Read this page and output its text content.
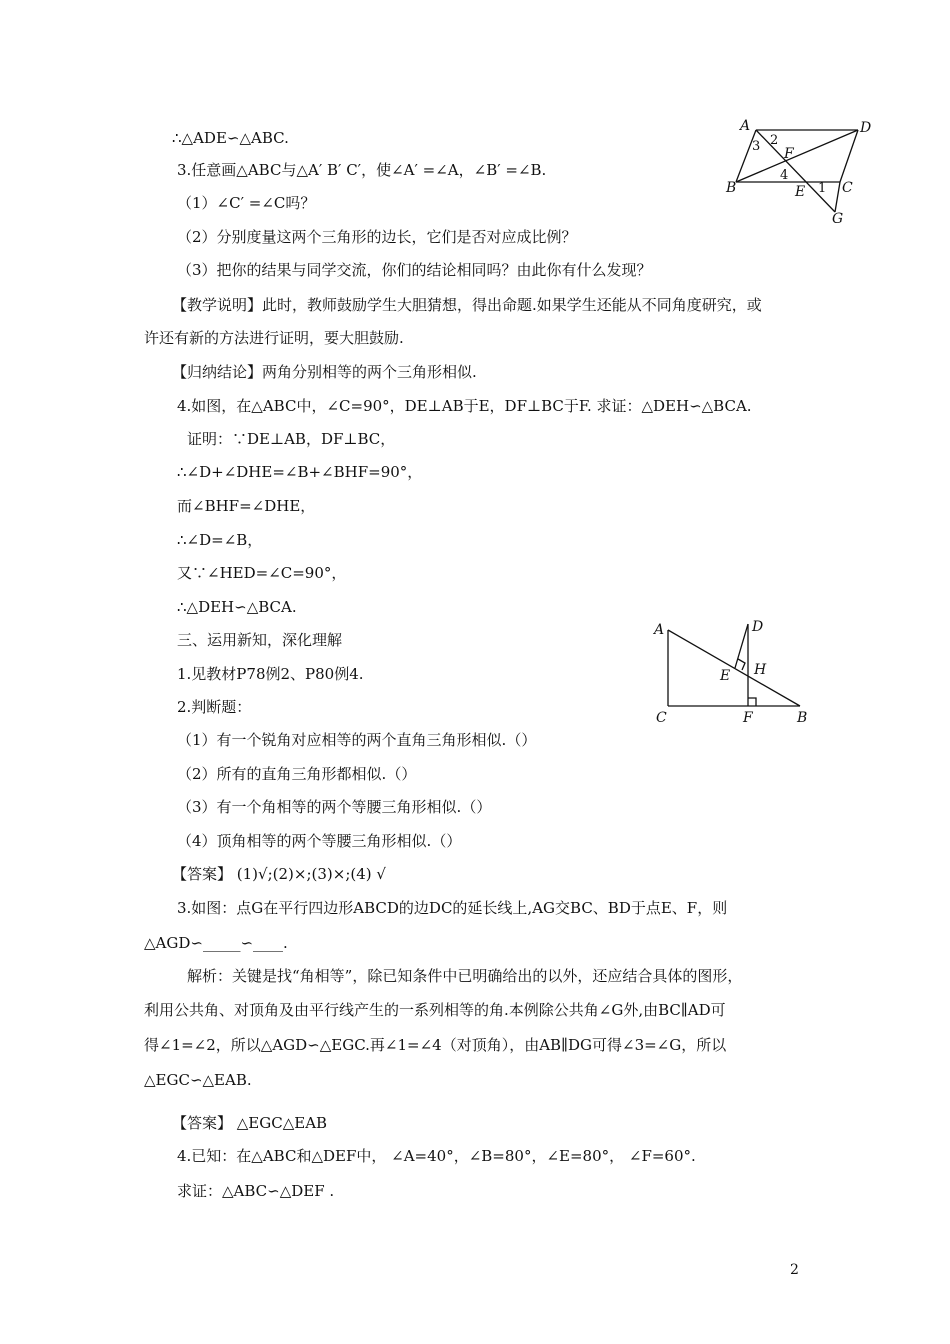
∴△ADE∽△ABC.
3.任意画△ABC与△A′ B′ C′，使∠A′ =∠A，∠B′ =∠B.
（1）∠C′ =∠C吗？
（2）分别度量这两个三角形的边长，它们是否对应成比例？
（3）把你的结果与同学交流，你们的结论相同吗？由此你有什么发现？
【教学说明】此时，教师鼓励学生大胆猜想，得出命题.如果学生还能从不同角度研究，或
许还有新的方法进行证明，要大胆鼓励.
【归纳结论】两角分别相等的两个三角形相似.
4.如图，在△ABC中，∠C=90°，DE⊥AB于E，DF⊥BC于F. 求证：△DEH∽△BCA.
证明：∵DE⊥AB，DF⊥BC，
∴∠D+∠DHE=∠B+∠BHF=90°，
而∠BHF=∠DHE，
∴∠D=∠B，
又∵∠HED=∠C=90°，
∴△DEH∽△BCA.
三、运用新知，深化理解
1.见教材P78例2、P80例4.
2.判断题：
（1）有一个锐角对应相等的两个直角三角形相似.（）
（2）所有的直角三角形都相似.（）
（3）有一个角相等的两个等腰三角形相似.（）
（4）顶角相等的两个等腰三角形相似.（）
【答案】 (1)√;(2)×;(3)×;(4) √
3.如图：点G在平行四边形ABCD的边DC的延长线上,AG交BC、BD于点E、F，则
△AGD∽_____∽____.
解析：关键是找“角相等”，除已知条件中已明确给出的以外，还应结合具体的图形，
利用公共角、对顶角及由平行线产生的一系列相等的角.本例除公共角∠G外,由BC∥AD可
得∠1=∠2，所以△AGD∽△EGC.再∠1=∠4（对顶角），由AB∥DG可得∠3=∠G，所以
△EGC∽△EAB.
【答案】 △EGC△EAB
4.已知：在△ABC和△DEF中， ∠A=40°，∠B=80°，∠E=80°， ∠F=60°.
求证：△ABC∽△DEF .
A	D
B	C
E
F
G
2
3
4
1
A	D
E H
C	F	B
2
